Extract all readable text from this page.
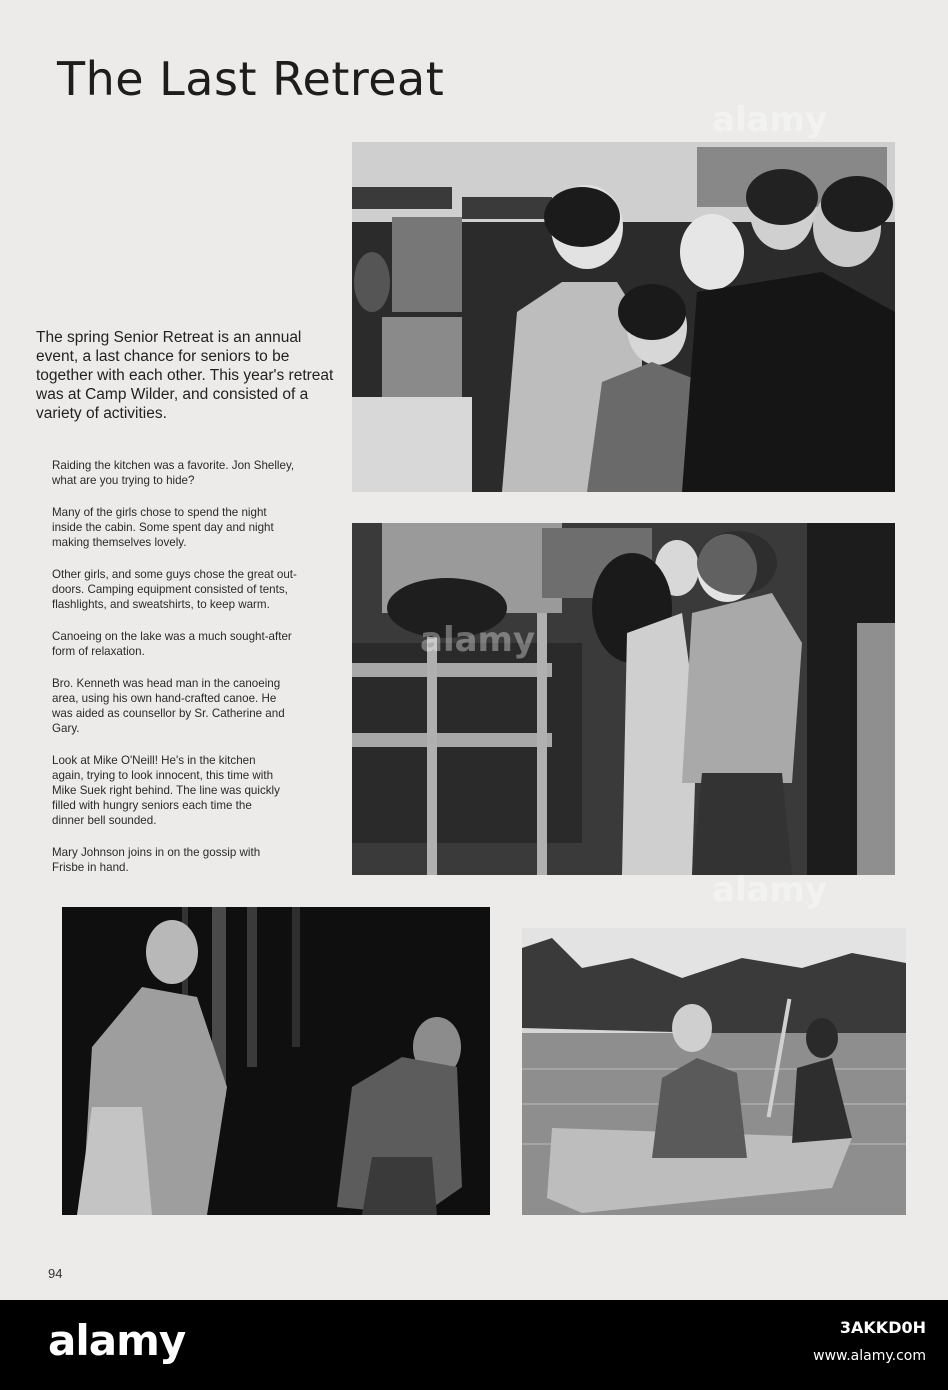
The Last Retreat

The spring Senior Retreat is an annual event, a last chance for seniors to be together with each other. This year's retreat was at Camp Wilder, and consisted of a variety of activities.

Raiding the kitchen was a favorite. Jon Shelley,
what are you trying to hide?

Many of the girls chose to spend the night
inside the cabin. Some spent day and night
making themselves lovely.

Other girls, and some guys chose the great out-
doors. Camping equipment consisted of tents,
flashlights, and sweatshirts, to keep warm.

Canoeing on the lake was a much sought-after
form of relaxation.

Bro. Kenneth was head man in the canoeing
area, using his own hand-crafted canoe. He
was aided as counsellor by Sr. Catherine and
Gary.

Look at Mike O'Neill! He's in the kitchen
again, trying to look innocent, this time with
Mike Suek right behind. The line was quickly
filled with hungry seniors each time the
dinner bell sounded.

Mary Johnson joins in on the gossip with
Frisbe in hand.

94
alamy
alamy
alamy
alamy	3AKKD0H
www.alamy.com
